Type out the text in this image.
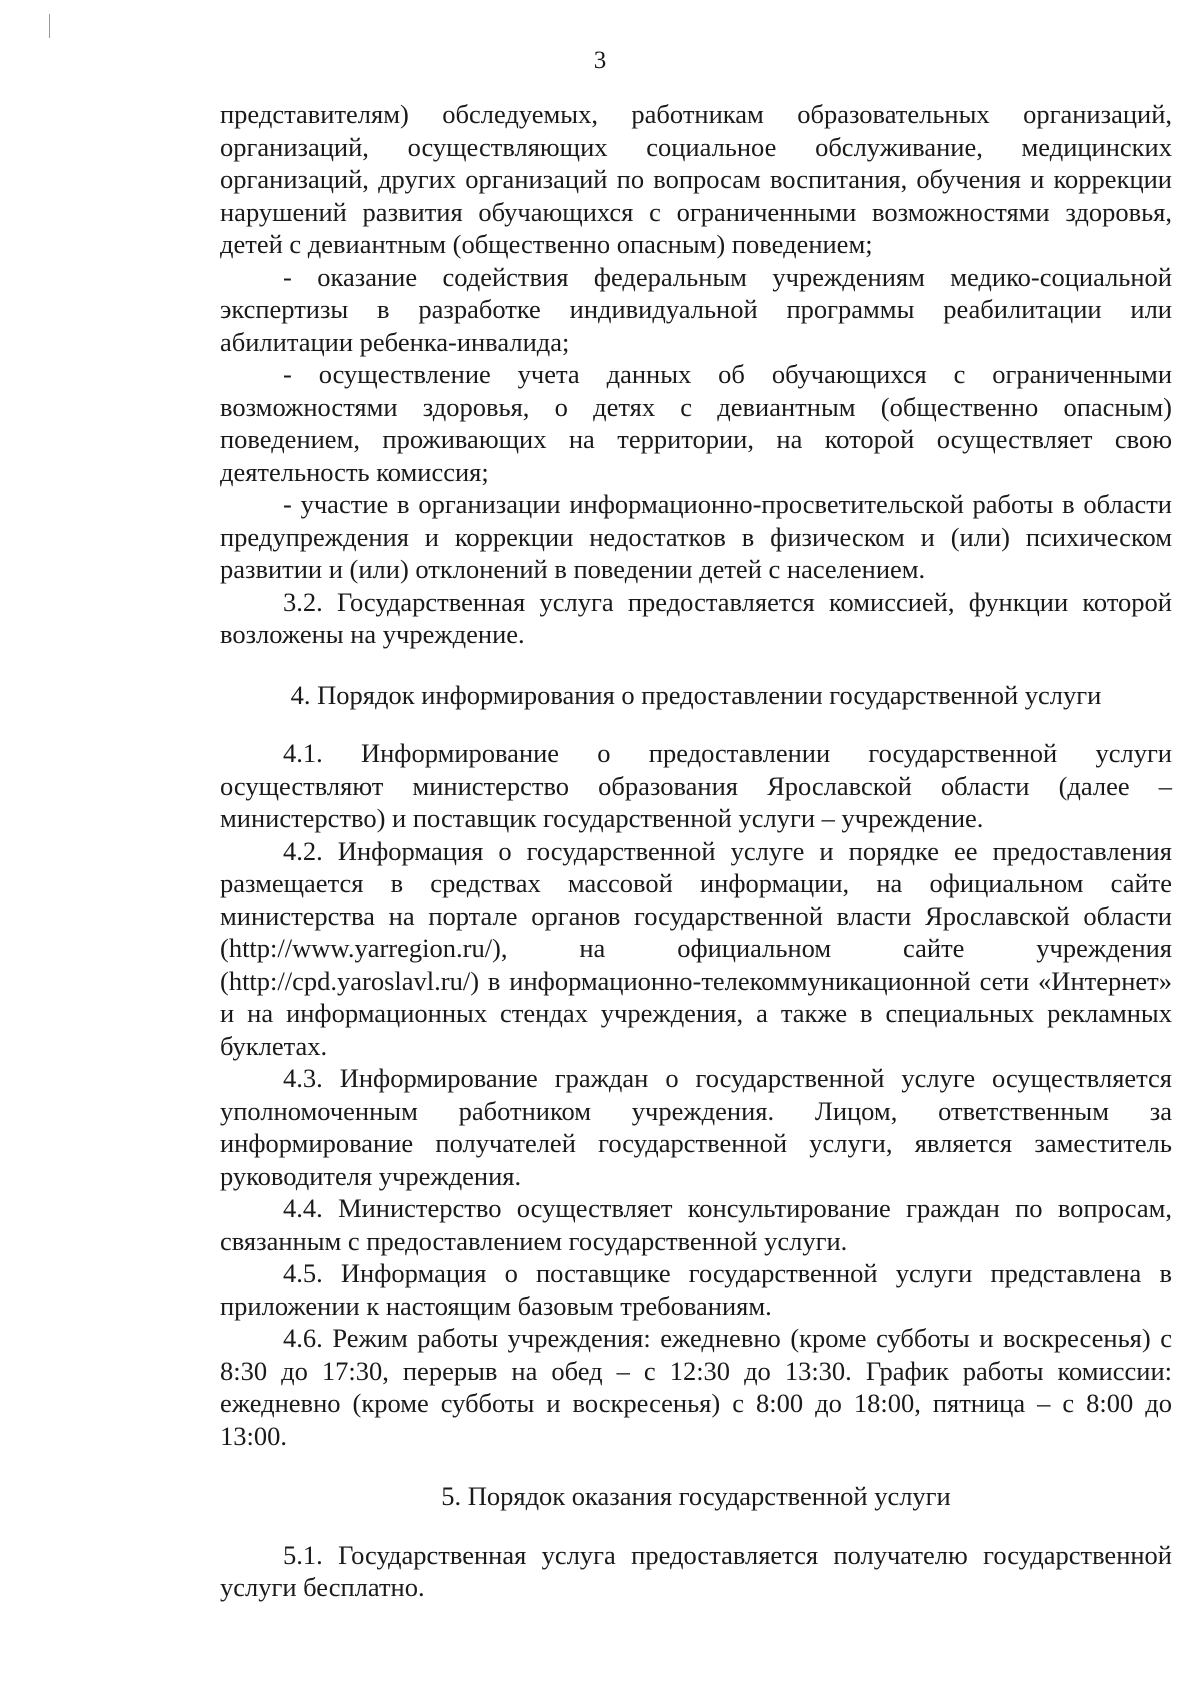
3

представителям) обследуемых, работникам образовательных организаций, организаций, осуществляющих социальное обслуживание, медицинских организаций, других организаций по вопросам воспитания, обучения и коррекции нарушений развития обучающихся с ограниченными возможностями здоровья, детей с девиантным (общественно опасным) поведением;

- оказание содействия федеральным учреждениям медико-социальной экспертизы в разработке индивидуальной программы реабилитации или абилитации ребенка-инвалида;

- осуществление учета данных об обучающихся с ограниченными возможностями здоровья, о детях с девиантным (общественно опасным) поведением, проживающих на территории, на которой осуществляет свою деятельность комиссия;

- участие в организации информационно-просветительской работы в области предупреждения и коррекции недостатков в физическом и (или) психическом развитии и (или) отклонений в поведении детей с населением.

3.2. Государственная услуга предоставляется комиссией, функции которой возложены на учреждение.

4. Порядок информирования о предоставлении государственной услуги

4.1. Информирование о предоставлении государственной услуги осуществляют министерство образования Ярославской области (далее – министерство) и поставщик государственной услуги – учреждение.

4.2. Информация о государственной услуге и порядке ее предоставления размещается в средствах массовой информации, на официальном сайте министерства на портале органов государственной власти Ярославской области (http://www.yarregion.ru/), на официальном сайте учреждения (http://cpd.yaroslavl.ru/) в информационно-телекоммуникационной сети «Интернет» и на информационных стендах учреждения, а также в специальных рекламных буклетах.

4.3. Информирование граждан о государственной услуге осуществляется уполномоченным работником учреждения. Лицом, ответственным за информирование получателей государственной услуги, является заместитель руководителя учреждения.

4.4. Министерство осуществляет консультирование граждан по вопросам, связанным с предоставлением государственной услуги.

4.5. Информация о поставщике государственной услуги представлена в приложении к настоящим базовым требованиям.

4.6. Режим работы учреждения: ежедневно (кроме субботы и воскресенья) с 8:30 до 17:30, перерыв на обед – с 12:30 до 13:30. График работы комиссии: ежедневно (кроме субботы и воскресенья) с 8:00 до 18:00, пятница – с 8:00 до 13:00.

5. Порядок оказания государственной услуги

5.1. Государственная услуга предоставляется получателю государственной услуги бесплатно.
